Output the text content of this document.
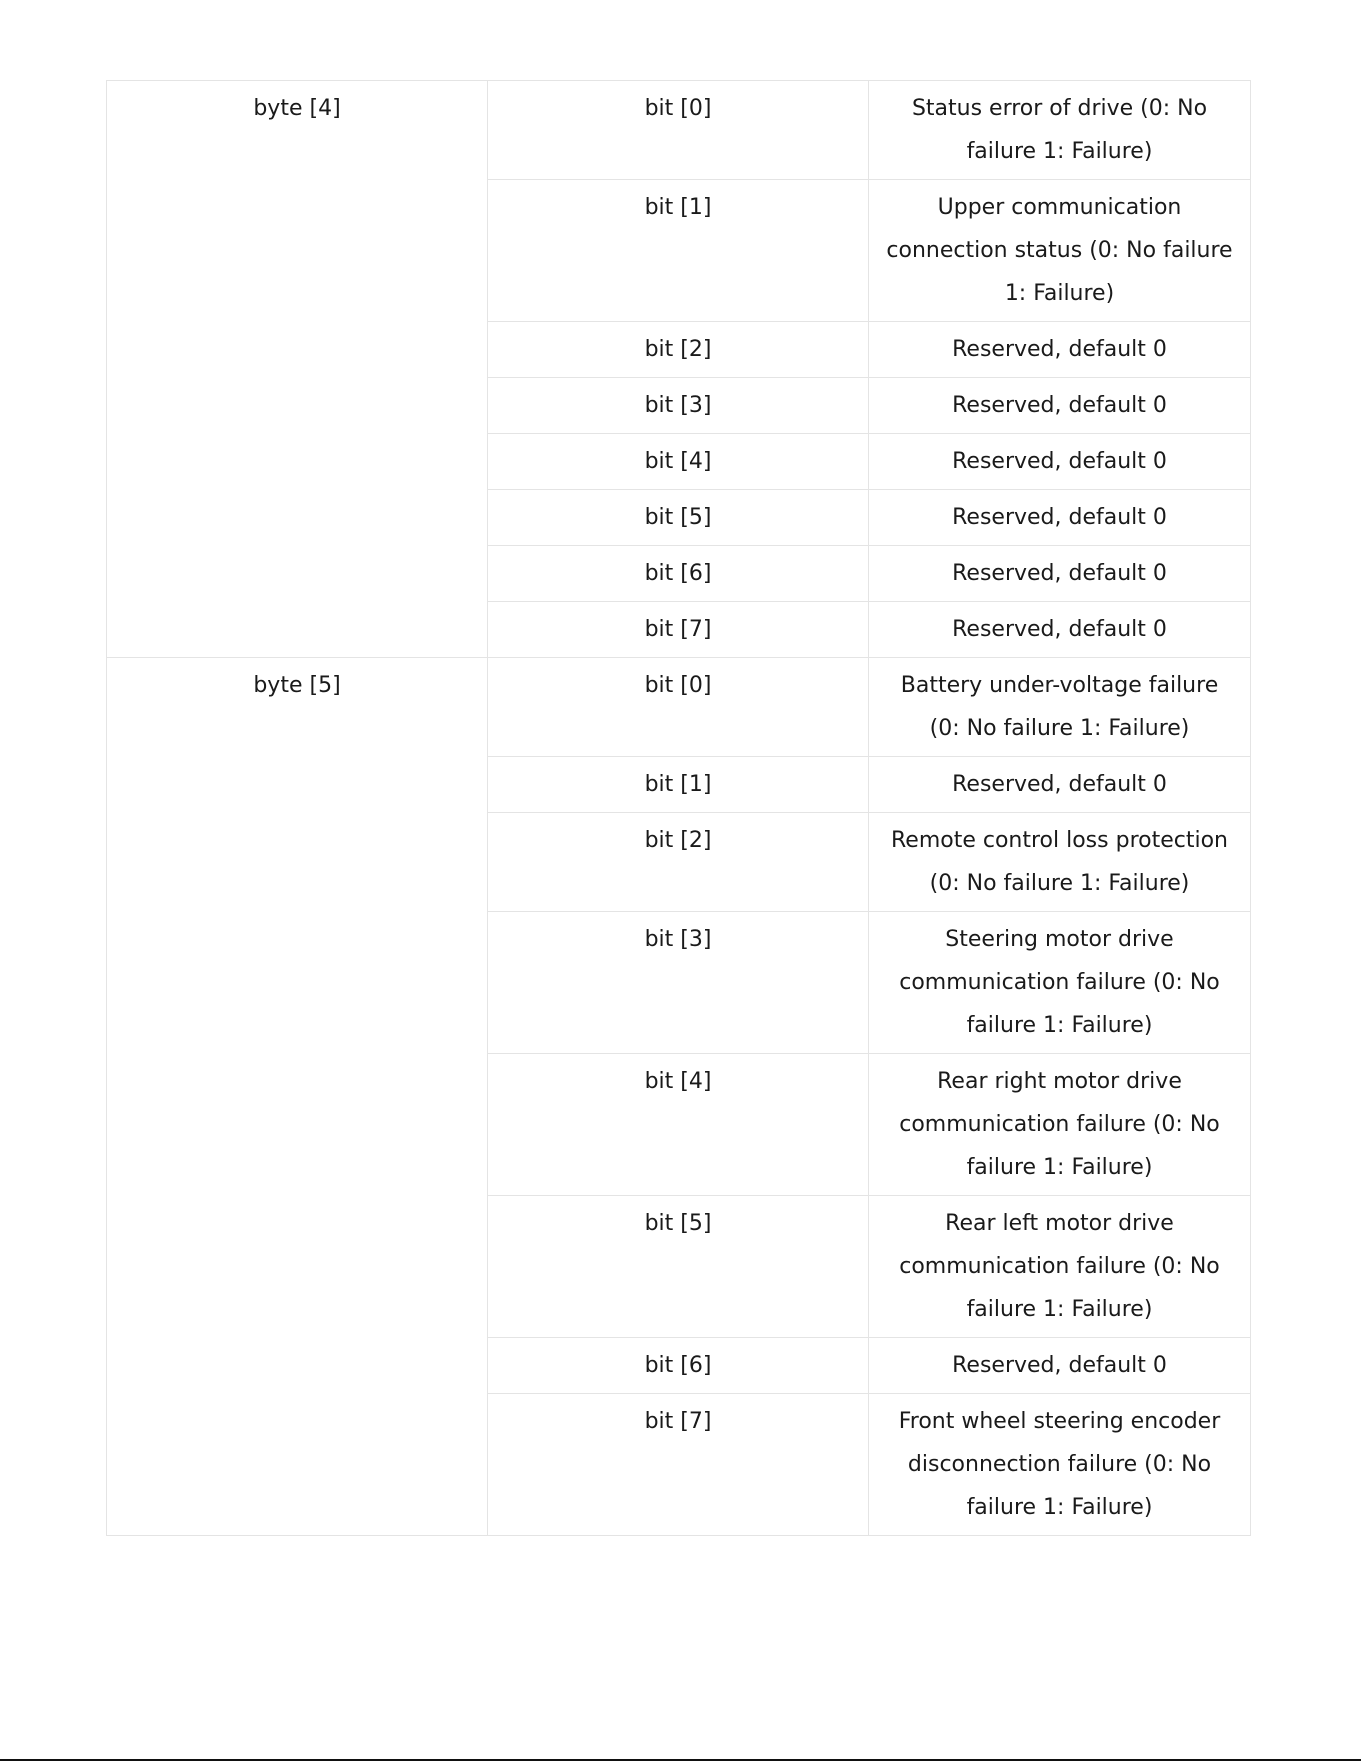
byte [4]	bit [0]	Status error of drive (0: No failure 1: Failure)
	bit [1]	Upper communication connection status (0: No failure 1: Failure)
	bit [2]	Reserved, default 0
	bit [3]	Reserved, default 0
	bit [4]	Reserved, default 0
	bit [5]	Reserved, default 0
	bit [6]	Reserved, default 0
	bit [7]	Reserved, default 0
byte [5]	bit [0]	Battery under-voltage failure (0: No failure 1: Failure)
	bit [1]	Reserved, default 0
	bit [2]	Remote control loss protection (0: No failure 1: Failure)
	bit [3]	Steering motor drive communication failure (0: No failure 1: Failure)
	bit [4]	Rear right motor drive communication failure (0: No failure 1: Failure)
	bit [5]	Rear left motor drive communication failure (0: No failure 1: Failure)
	bit [6]	Reserved, default 0
	bit [7]	Front wheel steering encoder disconnection failure (0: No failure 1: Failure)
